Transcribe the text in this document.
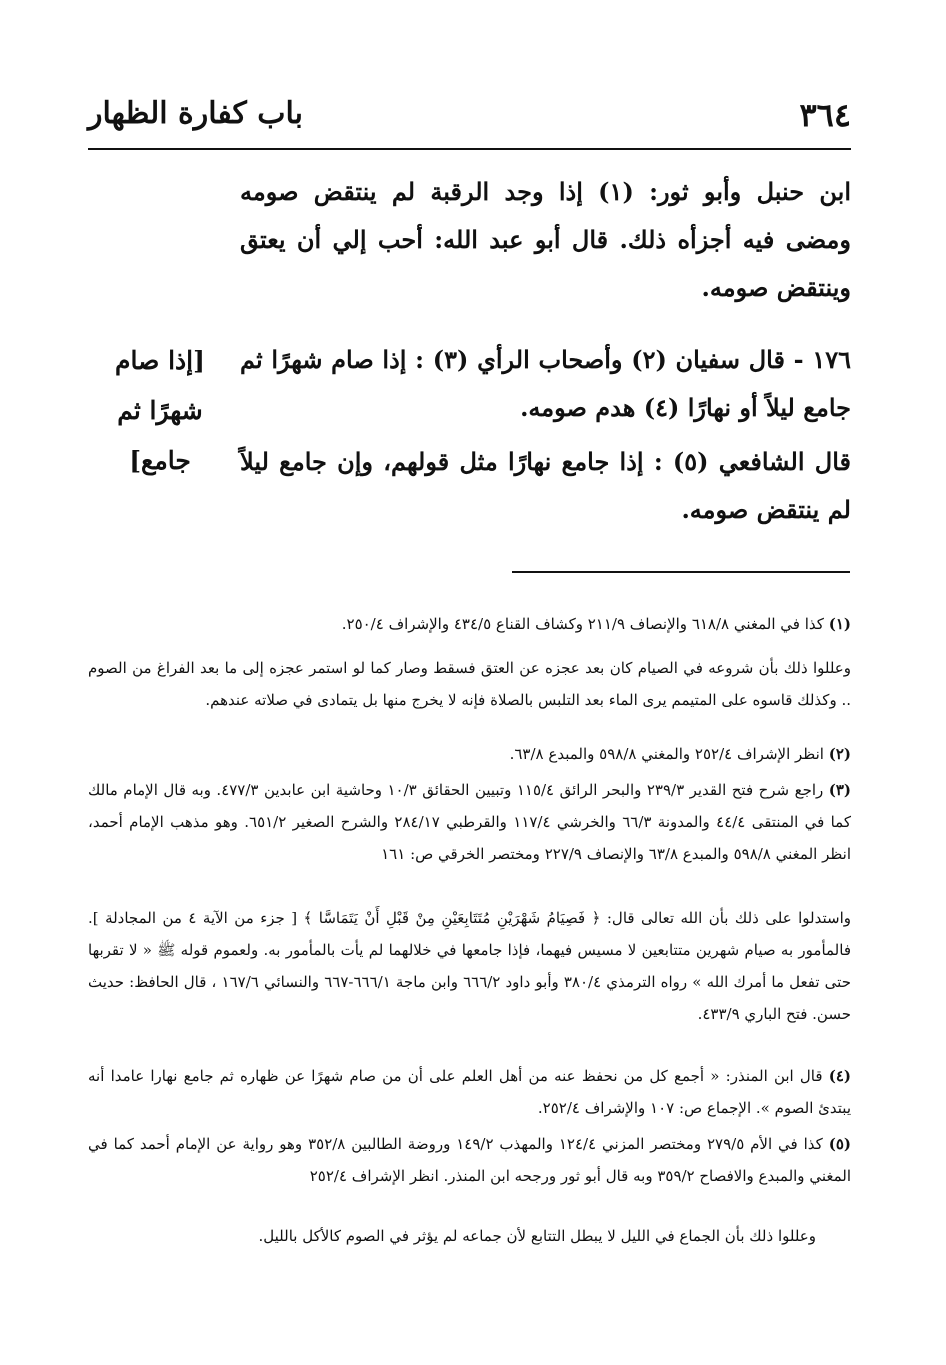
٣٦٤
باب كفارة الظهار

ابن حنبل وأبو ثور: (١) إذا وجد الرقبة لم ينتقض صومه ومضى فيه أجزأه ذلك. قال أبو عبد الله: أحب إلي أن يعتق وينتقض صومه.

١٧٦ - قال سفيان (٢) وأصحاب الرأي (٣) : إذا صام شهرًا ثم جامع ليلاً أو نهارًا (٤) هدم صومه.

قال الشافعي (٥) : إذا جامع نهارًا مثل قولهم، وإن جامع ليلاً لم ينتقض صومه.

[إذا صام
شهرًا ثم
جامع]

(١) كذا في المغني ٦١٨/٨ والإنصاف ٢١١/٩ وكشاف القناع ٤٣٤/٥ والإشراف ٢٥٠/٤.

وعللوا ذلك بأن شروعه في الصيام كان بعد عجزه عن العتق فسقط وصار كما لو استمر عجزه إلى ما بعد الفراغ من الصوم .. وكذلك قاسوه على المتيمم يرى الماء بعد التلبس بالصلاة فإنه لا يخرج منها بل يتمادى في صلاته عندهم.

(٢) انظر الإشراف ٢٥٢/٤ والمغني ٥٩٨/٨ والمبدع ٦٣/٨.

(٣) راجع شرح فتح القدير ٢٣٩/٣ والبحر الرائق ١١٥/٤ وتبيين الحقائق ١٠/٣ وحاشية ابن عابدين ٤٧٧/٣. وبه قال الإمام مالك كما في المنتقى ٤٤/٤ والمدونة ٦٦/٣ والخرشي ١١٧/٤ والقرطبي ٢٨٤/١٧ والشرح الصغير ٦٥١/٢. وهو مذهب الإمام أحمد، انظر المغني ٥٩٨/٨ والمبدع ٦٣/٨ والإنصاف ٢٢٧/٩ ومختصر الخرقي ص: ١٦١

واستدلوا على ذلك بأن الله تعالى قال: ﴿ فَصِيَامُ شَهْرَيْنِ مُتَتَابِعَيْنِ مِنْ قَبْلِ أَنْ يَتَمَاسَّا ﴾ [ جزء من الآية ٤ من المجادلة ]. فالمأمور به صيام شهرين متتابعين لا مسيس فيهما، فإذا جامعها في خلالهما لم يأت بالمأمور به. ولعموم قوله ﷺ « لا تقربها حتى تفعل ما أمرك الله » رواه الترمذي ٣٨٠/٤ وأبو داود ٦٦٦/٢ وابن ماجة ٦٦٦/١-٦٦٧ والنسائي ١٦٧/٦ ، قال الحافظ: حديث حسن. فتح الباري ٤٣٣/٩.

(٤) قال ابن المنذر: « أجمع كل من نحفظ عنه من أهل العلم على أن من صام شهرًا عن ظهاره ثم جامع نهارا عامدا أنه يبتدئ الصوم ». الإجماع ص: ١٠٧ والإشراف ٢٥٢/٤.

(٥) كذا في الأم ٢٧٩/٥ ومختصر المزني ١٢٤/٤ والمهذب ١٤٩/٢ وروضة الطالبين ٣٥٢/٨ وهو رواية عن الإمام أحمد كما في المغني والمبدع والافصاح ٣٥٩/٢ وبه قال أبو ثور ورجحه ابن المنذر. انظر الإشراف ٢٥٢/٤

وعللوا ذلك بأن الجماع في الليل لا يبطل التتابع لأن جماعه لم يؤثر في الصوم كالأكل بالليل.
